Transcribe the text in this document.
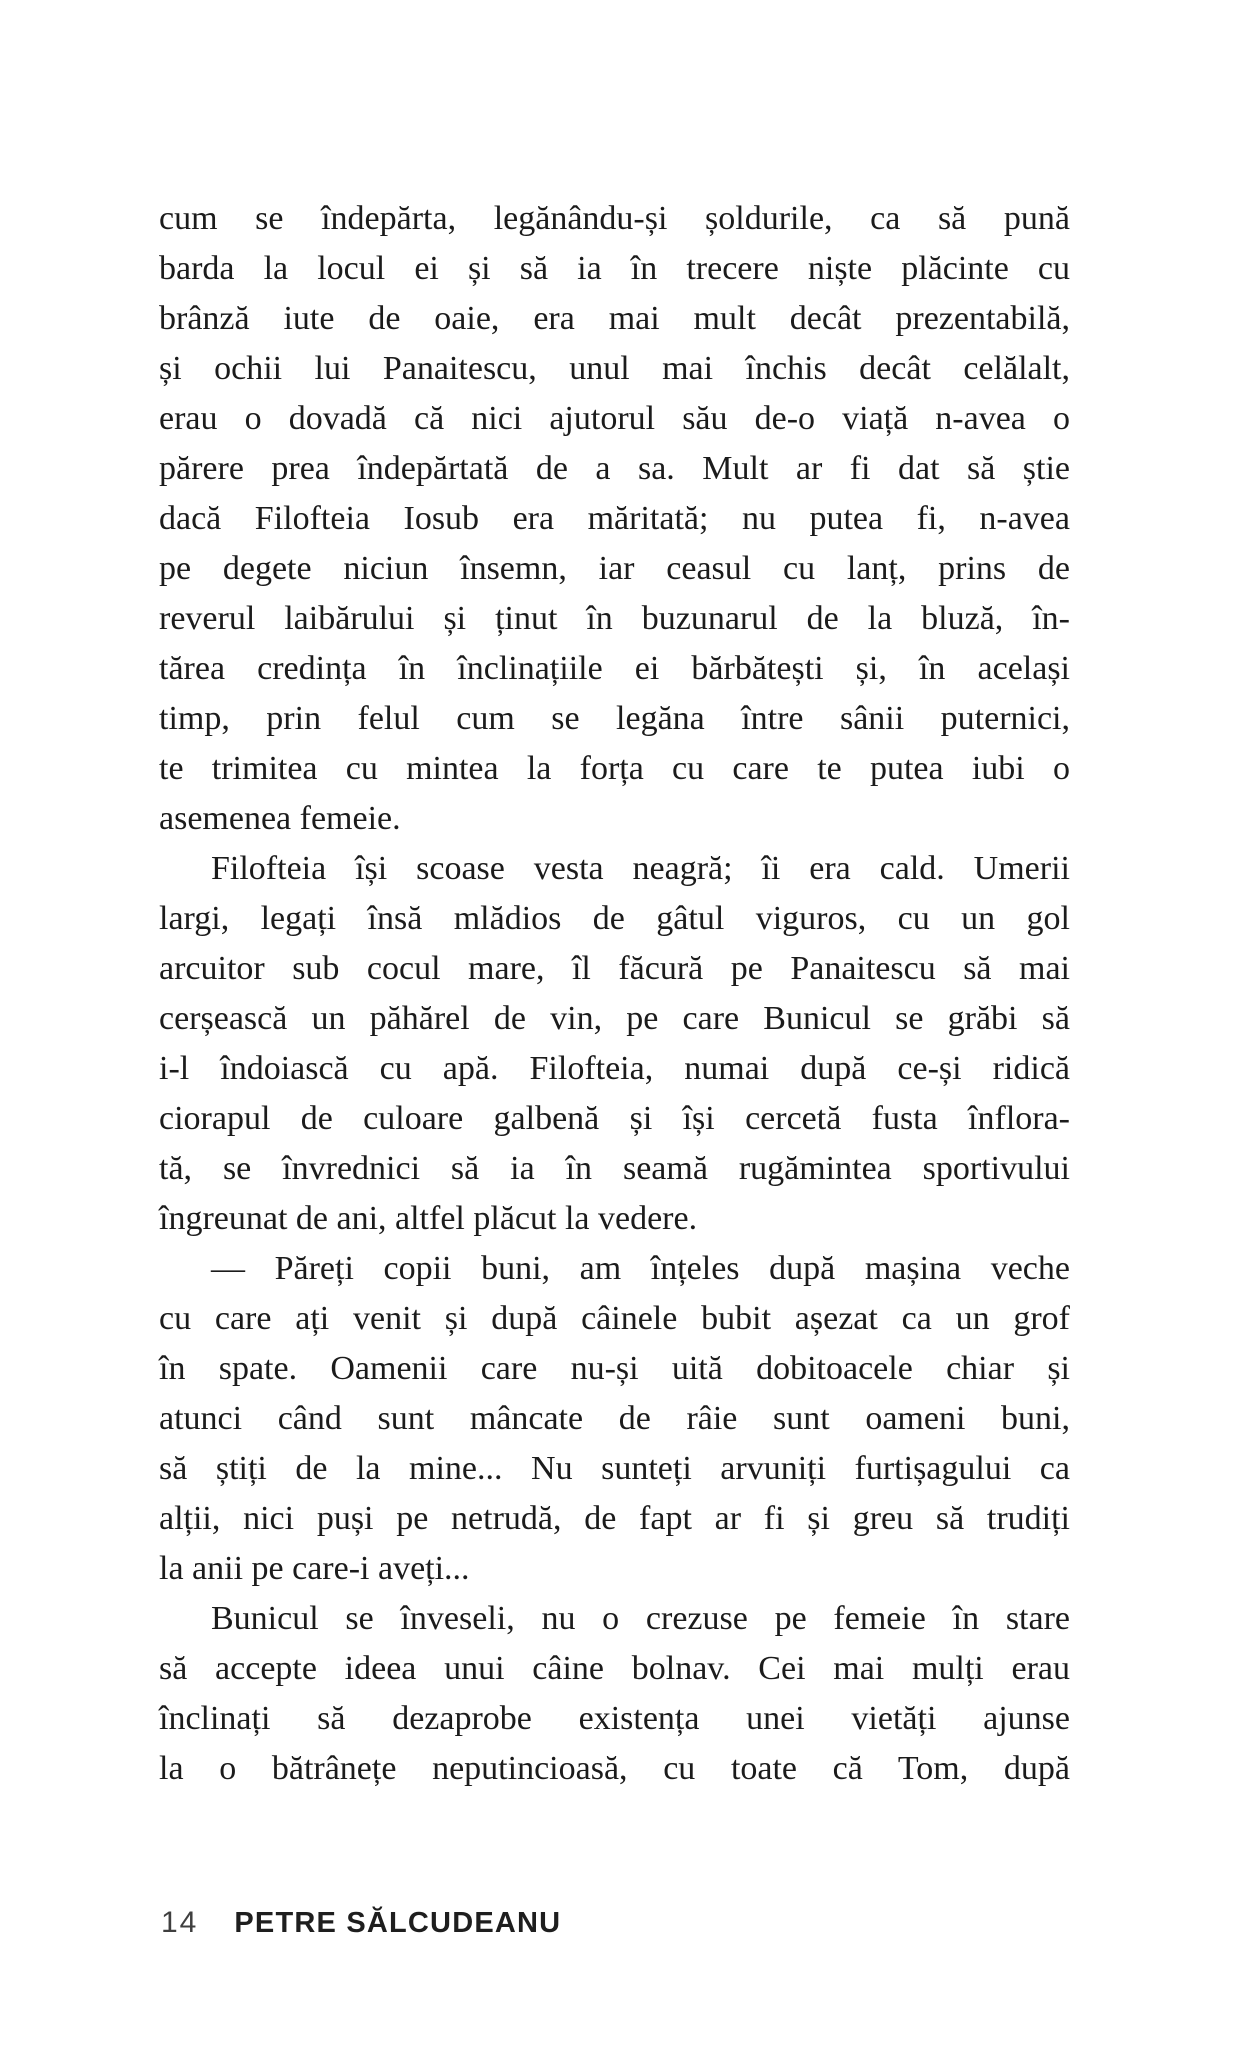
cum se îndepărta, legănându-și șoldurile, ca să pună
barda la locul ei și să ia în trecere niște plăcinte cu
brânză iute de oaie, era mai mult decât prezentabilă,
și ochii lui Panaitescu, unul mai închis decât celălalt,
erau o dovadă că nici ajutorul său de-o viață n-avea o
părere prea îndepărtată de a sa. Mult ar fi dat să știe
dacă Filofteia Iosub era măritată; nu putea fi, n-avea
pe degete niciun însemn, iar ceasul cu lanț, prins de
reverul laibărului și ținut în buzunarul de la bluză, în-
tărea credința în înclinațiile ei bărbătești și, în același
timp, prin felul cum se legăna între sânii puternici,
te trimitea cu mintea la forța cu care te putea iubi o
asemenea femeie.
Filofteia își scoase vesta neagră; îi era cald. Umerii
largi, legați însă mlădios de gâtul viguros, cu un gol
arcuitor sub cocul mare, îl făcură pe Panaitescu să mai
cerșească un păhărel de vin, pe care Bunicul se grăbi să
i-l îndoiască cu apă. Filofteia, numai după ce-și ridică
ciorapul de culoare galbenă și își cercetă fusta înflora-
tă, se învrednici să ia în seamă rugămintea sportivului
îngreunat de ani, altfel plăcut la vedere.
— Păreți copii buni, am înțeles după mașina veche
cu care ați venit și după câinele bubit așezat ca un grof
în spate. Oamenii care nu-și uită dobitoacele chiar și
atunci când sunt mâncate de râie sunt oameni buni,
să știți de la mine... Nu sunteți arvuniți furtișagului ca
alții, nici puși pe netrudă, de fapt ar fi și greu să trudiți
la anii pe care-i aveți...
Bunicul se înveseli, nu o crezuse pe femeie în stare
să accepte ideea unui câine bolnav. Cei mai mulți erau
înclinați să dezaprobe existența unei vietăți ajunse
la o bătrânețe neputincioasă, cu toate că Tom, după
14 PETRE SĂLCUDEANU
